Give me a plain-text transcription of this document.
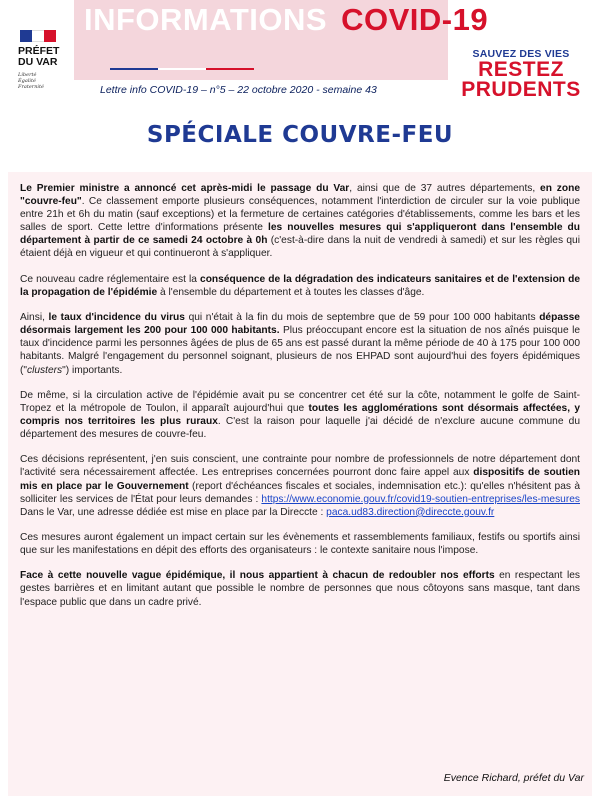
INFORMATIONS COVID-19
PRÉFET
DU VAR
Liberté
Égalité
Fraternité	Lettre info COVID-19 – n°5 – 22 octobre 2020 - semaine 43
SAUVEZ DES VIES
RESTEZ
PRUDENTS
SPÉCIALE COUVRE-FEU

Le Premier ministre a annoncé cet après-midi le passage du Var, ainsi que de 37 autres départements, en zone "couvre-feu". Ce classement emporte plusieurs conséquences, notamment l'interdiction de circuler sur la voie publique entre 21h et 6h du matin (sauf exceptions) et la fermeture de certaines catégories d'établissements, comme les bars et les salles de sport. Cette lettre d'informations présente les nouvelles mesures qui s'appliqueront dans l'ensemble du département à partir de ce samedi 24 octobre à 0h (c'est-à-dire dans la nuit de vendredi à samedi) et sur les règles qui étaient déjà en vigueur et qui continueront à s'appliquer.

Ce nouveau cadre réglementaire est la conséquence de la dégradation des indicateurs sanitaires et de l'extension de la propagation de l'épidémie à l'ensemble du département et à toutes les classes d'âge.

Ainsi, le taux d'incidence du virus qui n'était à la fin du mois de septembre que de 59 pour 100 000 habitants dépasse désormais largement les 200 pour 100 000 habitants. Plus préoccupant encore est la situation de nos aînés puisque le taux d'incidence parmi les personnes âgées de plus de 65 ans est passé durant la même période de 40 à 175 pour 100 000 habitants. Malgré l'engagement du personnel soignant, plusieurs de nos EHPAD sont aujourd'hui des foyers épidémiques ("clusters") importants.

De même, si la circulation active de l'épidémie avait pu se concentrer cet été sur la côte, notamment le golfe de Saint-Tropez et la métropole de Toulon, il apparaît aujourd'hui que toutes les agglomérations sont désormais affectées, y compris nos territoires les plus ruraux. C'est la raison pour laquelle j'ai décidé de n'exclure aucune commune du département des mesures de couvre-feu.

Ces décisions représentent, j'en suis conscient, une contrainte pour nombre de professionnels de notre département dont l'activité sera nécessairement affectée. Les entreprises concernées pourront donc faire appel aux dispositifs de soutien mis en place par le Gouvernement (report d'échéances fiscales et sociales, indemnisation etc.): qu'elles n'hésitent pas à solliciter les services de l'État pour leurs demandes : https://www.economie.gouv.fr/covid19-soutien-entreprises/les-mesures Dans le Var, une adresse dédiée est mise en place par la Direccte : paca.ud83.direction@direccte.gouv.fr

Ces mesures auront également un impact certain sur les évènements et rassemblements familiaux, festifs ou sportifs ainsi que sur les manifestations en dépit des efforts des organisateurs : le contexte sanitaire nous l'impose.

Face à cette nouvelle vague épidémique, il nous appartient à chacun de redoubler nos efforts en respectant les gestes barrières et en limitant autant que possible le nombre de personnes que nous côtoyons sans masque, tant dans l'espace public que dans un cadre privé.

Evence Richard, préfet du Var
